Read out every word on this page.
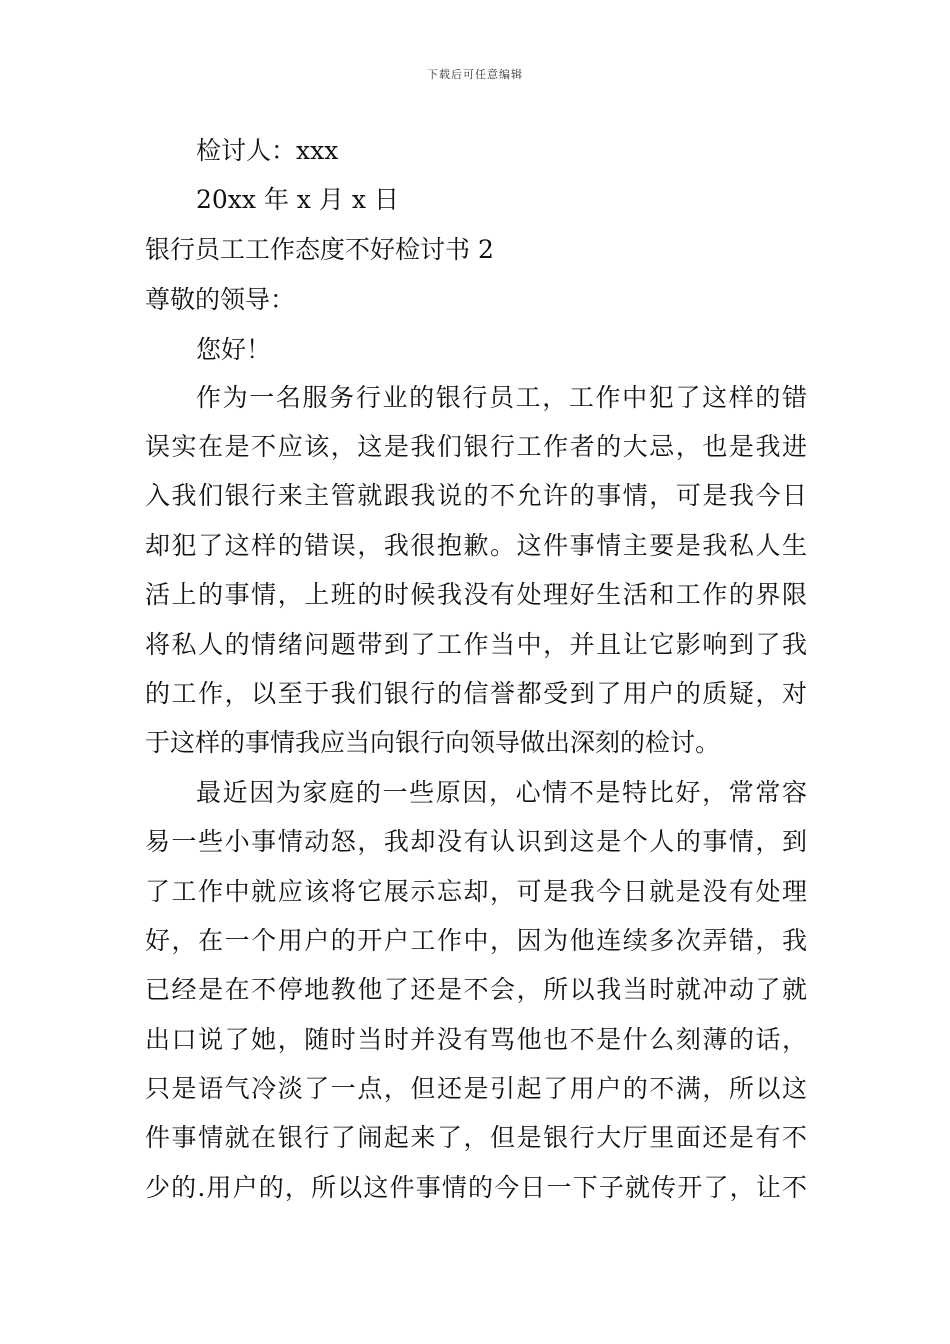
下载后可任意编辑
检讨人：xxx
20xx 年 x 月 x 日
银行员工工作态度不好检讨书 2
尊敬的领导：
您好！
作为一名服务行业的银行员工，工作中犯了这样的错
误实在是不应该，这是我们银行工作者的大忌，也是我进
入我们银行来主管就跟我说的不允许的事情，可是我今日
却犯了这样的错误，我很抱歉。这件事情主要是我私人生
活上的事情，上班的时候我没有处理好生活和工作的界限
将私人的情绪问题带到了工作当中，并且让它影响到了我
的工作，以至于我们银行的信誉都受到了用户的质疑，对
于这样的事情我应当向银行向领导做出深刻的检讨。
最近因为家庭的一些原因，心情不是特比好，常常容
易一些小事情动怒，我却没有认识到这是个人的事情，到
了工作中就应该将它展示忘却，可是我今日就是没有处理
好，在一个用户的开户工作中，因为他连续多次弄错，我
已经是在不停地教他了还是不会，所以我当时就冲动了就
出口说了她，随时当时并没有骂他也不是什么刻薄的话，
只是语气冷淡了一点，但还是引起了用户的不满，所以这
件事情就在银行了闹起来了，但是银行大厅里面还是有不
少的.用户的，所以这件事情的今日一下子就传开了，让不
